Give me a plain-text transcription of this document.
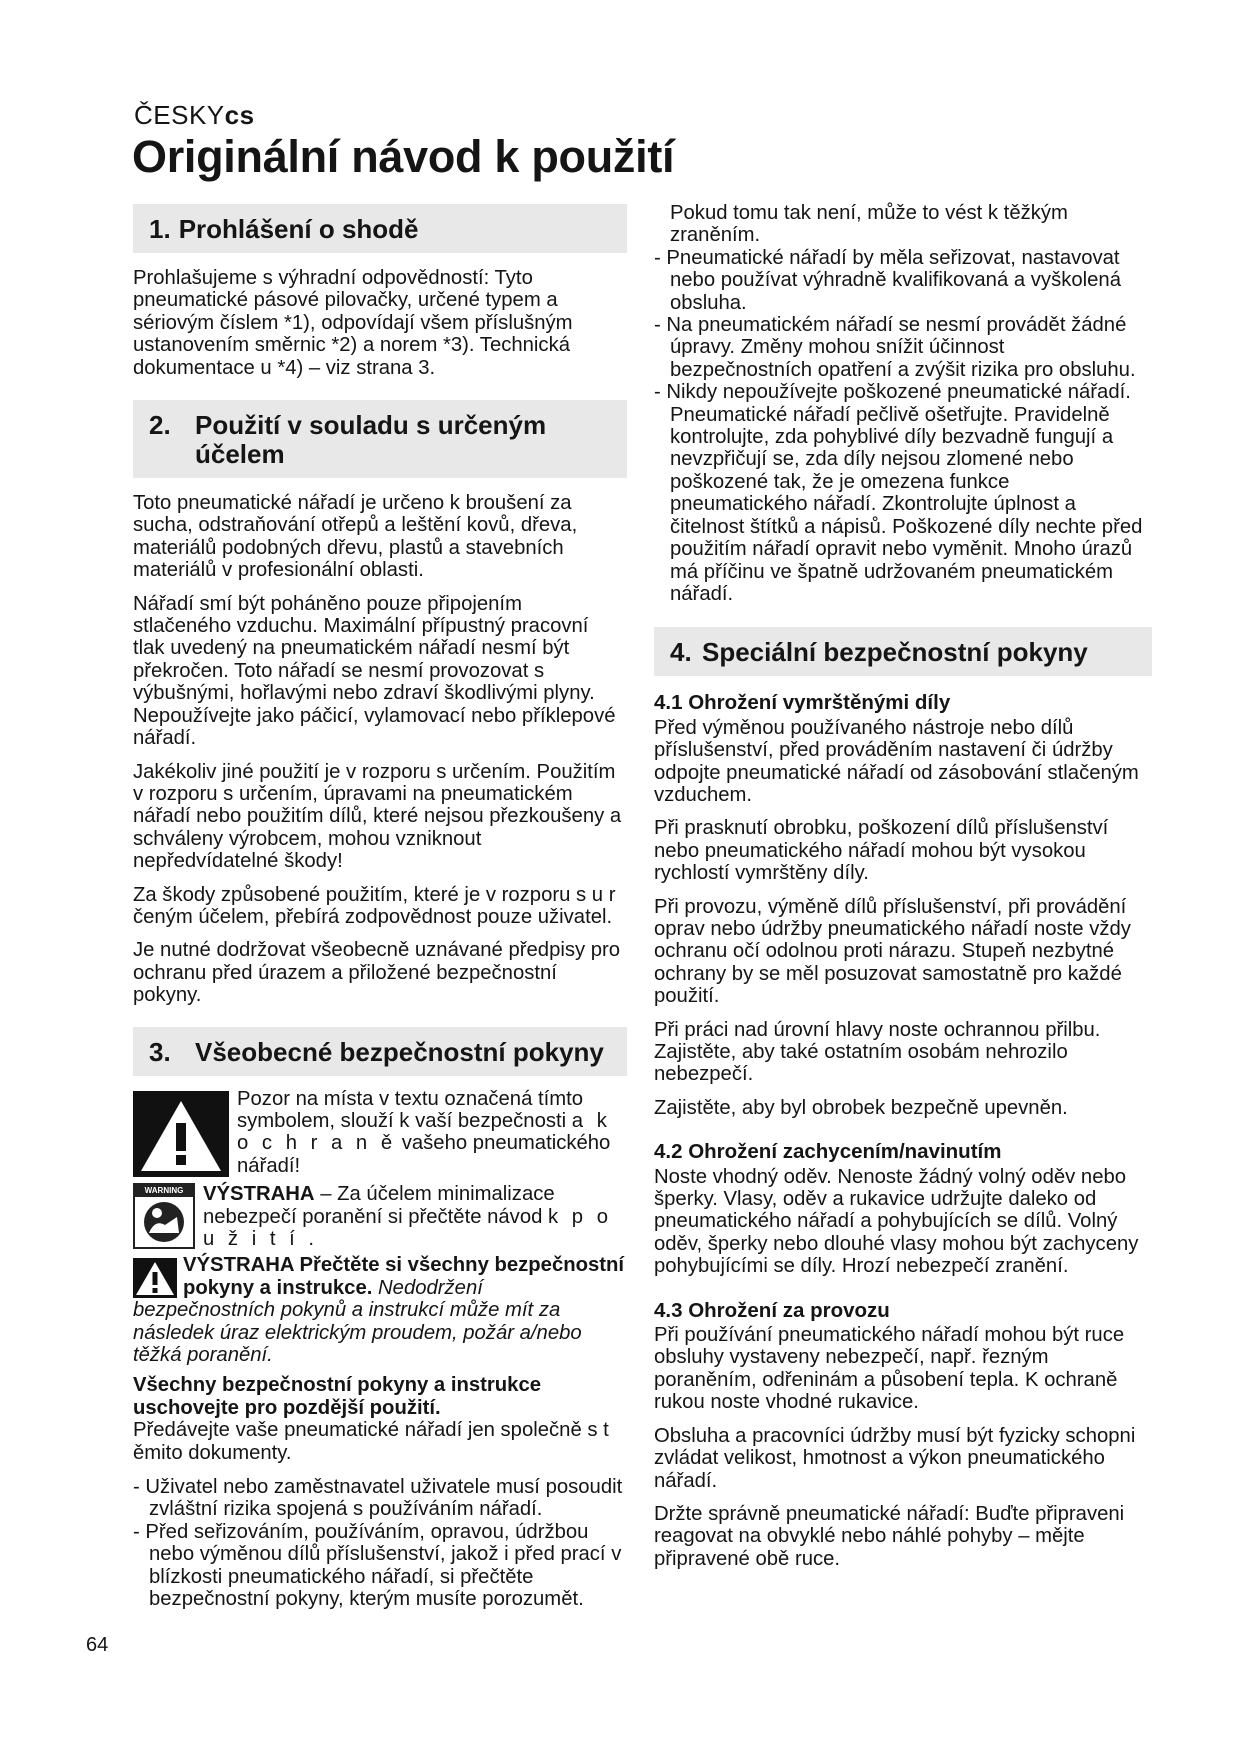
ČESKYcs
Originální návod k použití
1. Prohlášení o shodě

Prohlašujeme s výhradní odpovědností: Tyto pneumatické pásové pilovačky, určené typem a sériovým číslem *1), odpovídají všem příslušným ustanovením směrnic *2) a norem *3). Technická dokumentace u *4) – viz strana 3.

2. Použití v souladu s určeným účelem

Toto pneumatické nářadí je určeno k broušení za sucha, odstraňování otřepů a leštění kovů, dřeva, materiálů podobných dřevu, plastů a stavebních materiálů v profesionální oblasti.

Nářadí smí být poháněno pouze připojením stlačeného vzduchu. Maximální přípustný pracovní tlak uvedený na pneumatickém nářadí nesmí být překročen. Toto nářadí se nesmí provozovat s výbušnými, hořlavými nebo zdraví škodlivými plyny. Nepoužívejte jako páčicí, vylamovací nebo příklepové nářadí.

Jakékoliv jiné použití je v rozporu s určením. Použitím v rozporu s určením, úpravami na pneumatickém nářadí nebo použitím dílů, které nejsou přezkoušeny a schváleny výrobcem, mohou vzniknout nepředvídatelné škody!

Za škody způsobené použitím, které je v rozporu s u r čeným účelem, přebírá zodpovědnost pouze uživatel.

Je nutné dodržovat všeobecně uznávané předpisy pro ochranu před úrazem a přiložené bezpečnostní pokyny.

3. Všeobecné bezpečnostní pokyny
Pozor na místa v textu označená tímto symbolem, slouží k vaší bezpečnosti a k o c h r a n ě vašeho pneumatického nářadí!
WARNING VÝSTRAHA – Za účelem minimalizace nebezpečí poranění si přečtěte návod k p o u ž i t í .
VÝSTRAHA Přečtěte si všechny bezpečnostní pokyny a instrukce. Nedodržení bezpečnostních pokynů a instrukcí může mít za následek úraz elektrickým proudem, požár a/nebo těžká poranění.

Všechny bezpečnostní pokyny a instrukce uschovejte pro pozdější použití.
Předávejte vaše pneumatické nářadí jen společně s t ěmito dokumenty.

- Uživatel nebo zaměstnavatel uživatele musí posoudit zvláštní rizika spojená s používáním nářadí.

- Před seřizováním, používáním, opravou, údržbou nebo výměnou dílů příslušenství, jakož i před prací v blízkosti pneumatického nářadí, si přečtěte bezpečnostní pokyny, kterým musíte porozumět.

Pokud tomu tak není, může to vést k těžkým zraněním.

- Pneumatické nářadí by měla seřizovat, nastavovat nebo používat výhradně kvalifikovaná a vyškolená obsluha.

- Na pneumatickém nářadí se nesmí provádět žádné úpravy. Změny mohou snížit účinnost bezpečnostních opatření a zvýšit rizika pro obsluhu.

- Nikdy nepoužívejte poškozené pneumatické nářadí. Pneumatické nářadí pečlivě ošetřujte. Pravidelně kontrolujte, zda pohyblivé díly bezvadně fungují a nevzpřičují se, zda díly nejsou zlomené nebo poškozené tak, že je omezena funkce pneumatického nářadí. Zkontrolujte úplnost a čitelnost štítků a nápisů. Poškozené díly nechte před použitím nářadí opravit nebo vyměnit. Mnoho úrazů má příčinu ve špatně udržovaném pneumatickém nářadí.

4. Speciální bezpečnostní pokyny

4.1 Ohrožení vymrštěnými díly

Před výměnou používaného nástroje nebo dílů příslušenství, před prováděním nastavení či údržby odpojte pneumatické nářadí od zásobování stlačeným vzduchem.

Při prasknutí obrobku, poškození dílů příslušenství nebo pneumatického nářadí mohou být vysokou rychlostí vymrštěny díly.

Při provozu, výměně dílů příslušenství, při provádění oprav nebo údržby pneumatického nářadí noste vždy ochranu očí odolnou proti nárazu. Stupeň nezbytné ochrany by se měl posuzovat samostatně pro každé použití.

Při práci nad úrovní hlavy noste ochrannou přilbu. Zajistěte, aby také ostatním osobám nehrozilo nebezpečí.

Zajistěte, aby byl obrobek bezpečně upevněn.

4.2 Ohrožení zachycením/navinutím

Noste vhodný oděv. Nenoste žádný volný oděv nebo šperky. Vlasy, oděv a rukavice udržujte daleko od pneumatického nářadí a pohybujících se dílů. Volný oděv, šperky nebo dlouhé vlasy mohou být zachyceny pohybujícími se díly. Hrozí nebezpečí zranění.

4.3 Ohrožení za provozu

Při používání pneumatického nářadí mohou být ruce obsluhy vystaveny nebezpečí, např. řezným poraněním, odřeninám a působení tepla. K ochraně rukou noste vhodné rukavice.

Obsluha a pracovníci údržby musí být fyzicky schopni zvládat velikost, hmotnost a výkon pneumatického nářadí.

Držte správně pneumatické nářadí: Buďte připraveni reagovat na obvyklé nebo náhlé pohyby – mějte připravené obě ruce.

64
